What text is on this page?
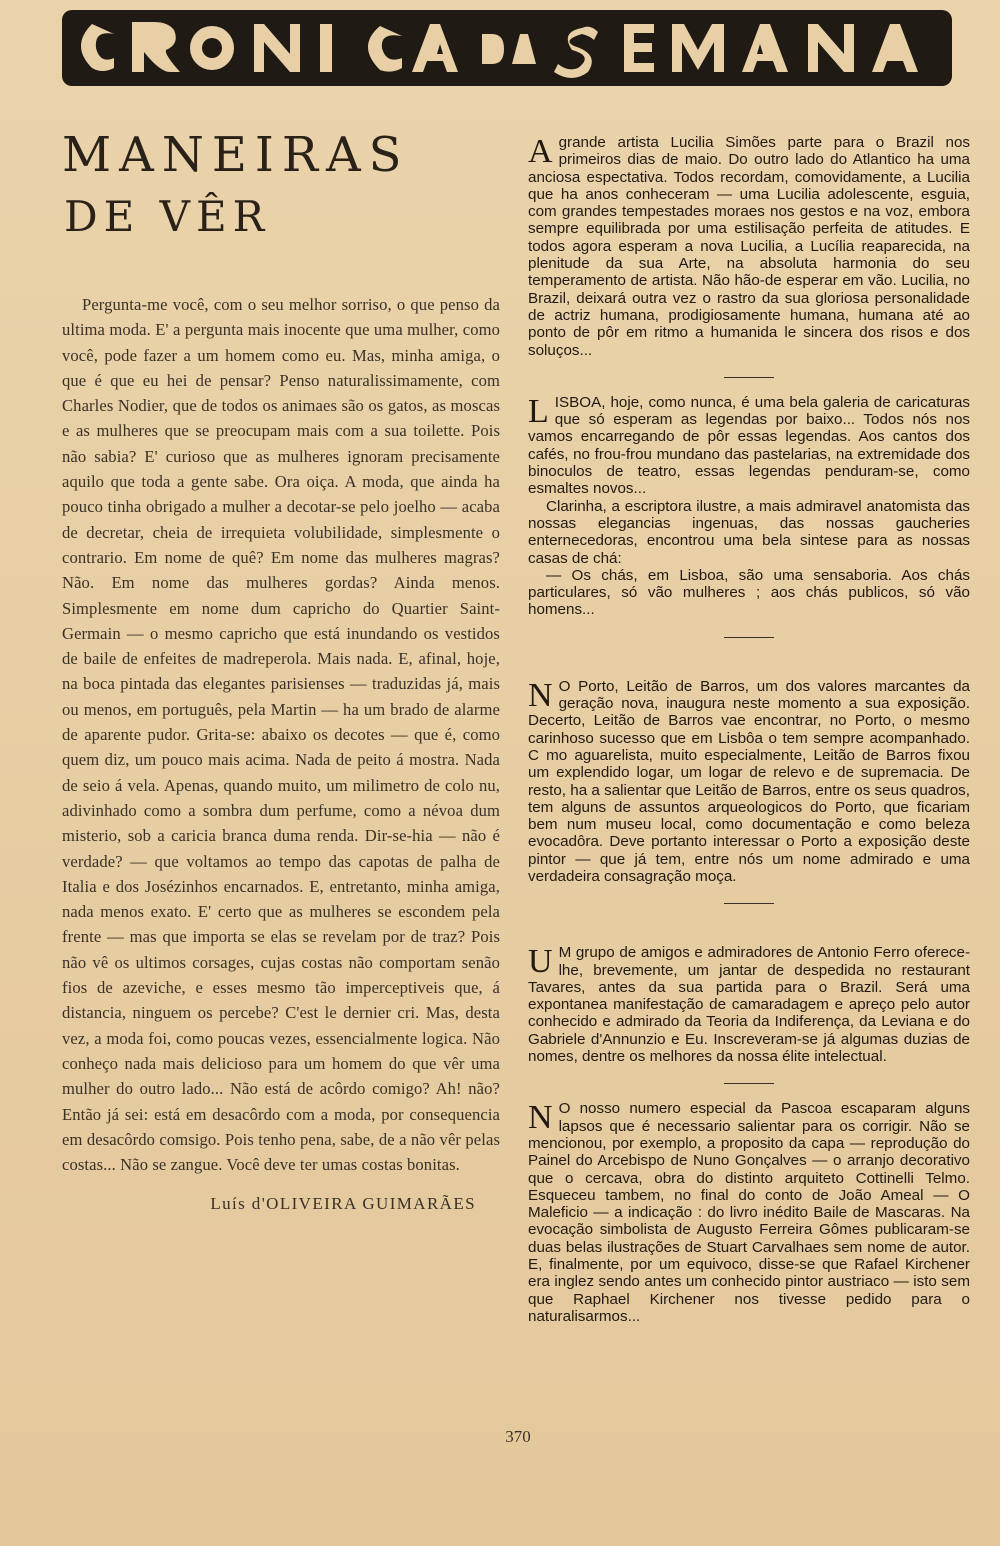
MANEIRAS
DE VÊR

Pergunta-me você, com o seu melhor sorriso, o que penso da ultima moda. E' a pergunta mais inocente que uma mulher, como você, pode fazer a um homem como eu. Mas, minha amiga, o que é que eu hei de pensar? Penso naturalissimamente, com Charles Nodier, que de todos os animaes são os gatos, as moscas e as mulheres que se preocupam mais com a sua toilette. Pois não sabia? E' curioso que as mulheres ignoram precisamente aquilo que toda a gente sabe. Ora oiça. A moda, que ainda ha pouco tinha obrigado a mulher a decotar-se pelo joelho — acaba de decretar, cheia de irrequieta volubilidade, simplesmente o contrario. Em nome de quê? Em nome das mulheres magras? Não. Em nome das mulheres gordas? Ainda menos. Simplesmente em nome dum capricho do Quartier Saint-Germain — o mesmo capricho que está inundando os vestidos de baile de enfeites de madreperola. Mais nada. E, afinal, hoje, na boca pintada das elegantes parisienses — traduzidas já, mais ou menos, em português, pela Martin — ha um brado de alarme de aparente pudor. Grita-se: abaixo os decotes — que é, como quem diz, um pouco mais acima. Nada de peito á mostra. Nada de seio á vela. Apenas, quando muito, um milimetro de colo nu, adivinhado como a sombra dum perfume, como a névoa dum misterio, sob a caricia branca duma renda. Dir-se-hia — não é verdade? — que voltamos ao tempo das capotas de palha de Italia e dos Josézinhos encarnados. E, entretanto, minha amiga, nada menos exato. E' certo que as mulheres se escondem pela frente — mas que importa se elas se revelam por de traz? Pois não vê os ultimos corsages, cujas costas não comportam senão fios de azeviche, e esses mesmo tão imperceptiveis que, á distancia, ninguem os percebe? C'est le dernier cri. Mas, desta vez, a moda foi, como poucas vezes, essencialmente logica. Não conheço nada mais delicioso para um homem do que vêr uma mulher do outro lado... Não está de acôrdo comigo? Ah! não? Então já sei: está em desacôrdo com a moda, por consequencia em desacôrdo comsigo. Pois tenho pena, sabe, de a não vêr pelas costas... Não se zangue. Você deve ter umas costas bonitas.

Luís d'OLIVEIRA GUIMARÃES
A grande artista Lucilia Simões parte para o Brazil nos primeiros dias de maio. Do outro lado do Atlantico ha uma anciosa espectativa. Todos recordam, comovidamente, a Lucilia que ha anos conheceram — uma Lucilia adolescente, esguia, com grandes tempestades moraes nos gestos e na voz, embora sempre equilibrada por uma estilisação perfeita de atitudes. E todos agora esperam a nova Lucilia, a Lucília reaparecida, na plenitude da sua Arte, na absoluta harmonia do seu temperamento de artista. Não hão-de esperar em vão. Lucilia, no Brazil, deixará outra vez o rastro da sua gloriosa personalidade de actriz humana, prodigiosamente humana, humana até ao ponto de pôr em ritmo a humanida le sincera dos risos e dos soluços...

L ISBOA, hoje, como nunca, é uma bela galeria de caricaturas que só esperam as legendas por baixo... Todos nós nos vamos encarregando de pôr essas legendas. Aos cantos dos cafés, no frou-frou mundano das pastelarias, na extremidade dos binoculos de teatro, essas legendas penduram-se, como esmaltes novos...

Clarinha, a escriptora ilustre, a mais admiravel anatomista das nossas elegancias ingenuas, das nossas gaucheries enternecedoras, encontrou uma bela sintese para as nossas casas de chá:

— Os chás, em Lisboa, são uma sensaboria. Aos chás particulares, só vão mulheres ; aos chás publicos, só vão homens...

N O Porto, Leitão de Barros, um dos valores marcantes da geração nova, inaugura neste momento a sua exposição. Decerto, Leitão de Barros vae encontrar, no Porto, o mesmo carinhoso sucesso que em Lisbôa o tem sempre acompanhado. C mo aguarelista, muito especialmente, Leitão de Barros fixou um explendido logar, um logar de relevo e de supremacia. De resto, ha a salientar que Leitão de Barros, entre os seus quadros, tem alguns de assuntos arqueologicos do Porto, que ficariam bem num museu local, como documentação e como beleza evocadôra. Deve portanto interessar o Porto a exposição deste pintor — que já tem, entre nós um nome admirado e uma verdadeira consagração moça.

U M grupo de amigos e admiradores de Antonio Ferro oferece-lhe, brevemente, um jantar de despedida no restaurant Tavares, antes da sua partida para o Brazil. Será uma expontanea manifestação de camaradagem e apreço pelo autor conhecido e admirado da Teoria da Indiferença, da Leviana e do Gabriele d'Annunzio e Eu. Inscreveram-se já algumas duzias de nomes, dentre os melhores da nossa élite intelectual.

N O nosso numero especial da Pascoa escaparam alguns lapsos que é necessario salientar para os corrigir. Não se mencionou, por exemplo, a proposito da capa — reprodução do Painel do Arcebispo de Nuno Gonçalves — o arranjo decorativo que o cercava, obra do distinto arquiteto Cottinelli Telmo. Esqueceu tambem, no final do conto de João Ameal — O Maleficio — a indicação : do livro inédito Baile de Mascaras. Na evocação simbolista de Augusto Ferreira Gômes publicaram-se duas belas ilustrações de Stuart Carvalhaes sem nome de autor. E, finalmente, por um equivoco, disse-se que Rafael Kirchener era inglez sendo antes um conhecido pintor austriaco — isto sem que Raphael Kirchener nos tivesse pedido para o naturalisarmos...

370
